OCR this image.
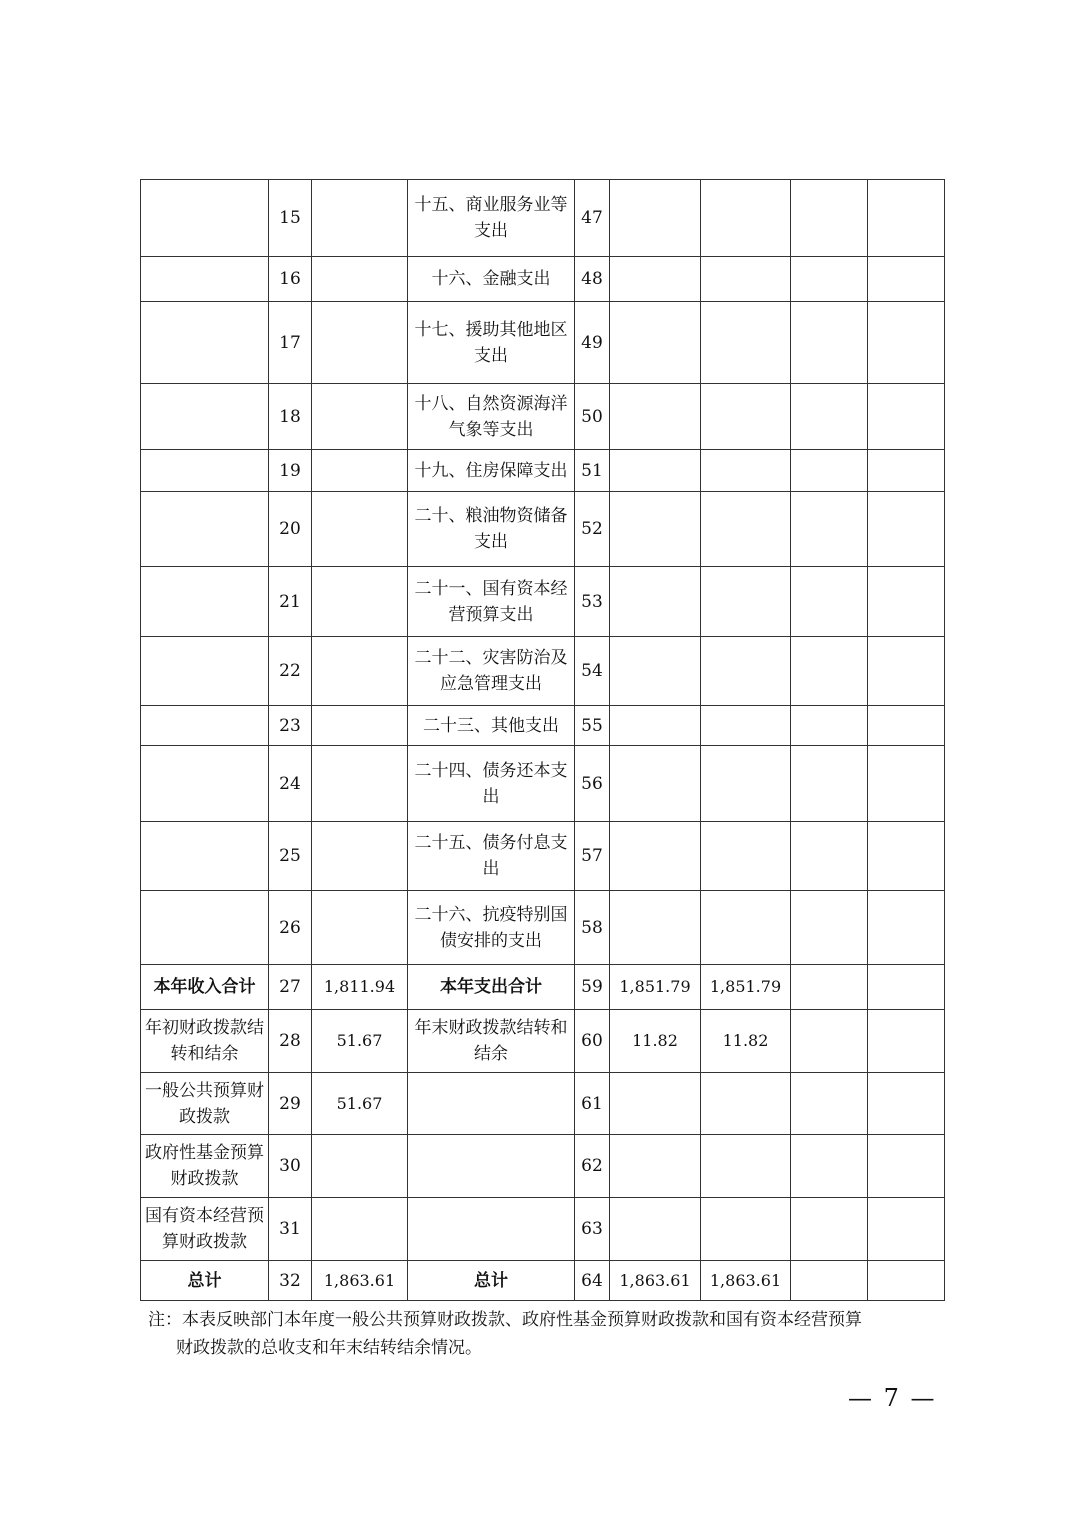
	15		十五、商业服务业等支出	47				
	16		十六、金融支出	48				
	17		十七、援助其他地区支出	49				
	18		十八、自然资源海洋气象等支出	50				
	19		十九、住房保障支出	51				
	20		二十、粮油物资储备支出	52				
	21		二十一、国有资本经营预算支出	53				
	22		二十二、灾害防治及应急管理支出	54				
	23		二十三、其他支出	55				
	24		二十四、债务还本支出	56				
	25		二十五、债务付息支出	57				
	26		二十六、抗疫特别国债安排的支出	58				
本年收入合计	27	1,811.94	本年支出合计	59	1,851.79	1,851.79		

年初财政拨款结转和结余	28	51.67	年末财政拨款结转和结余	60	11.82	11.82		
一般公共预算财政拨款	29	51.67		61				
政府性基金预算财政拨款	30			62				

国有资本经营预算财政拨款	31			63				
总计	32	1,863.61	总计	64	1,863.61	1,863.61		
注：本表反映部门本年度一般公共预算财政拨款、政府性基金预算财政拨款和国有资本经营预算
财政拨款的总收支和年末结转结余情况。
— 7 —
